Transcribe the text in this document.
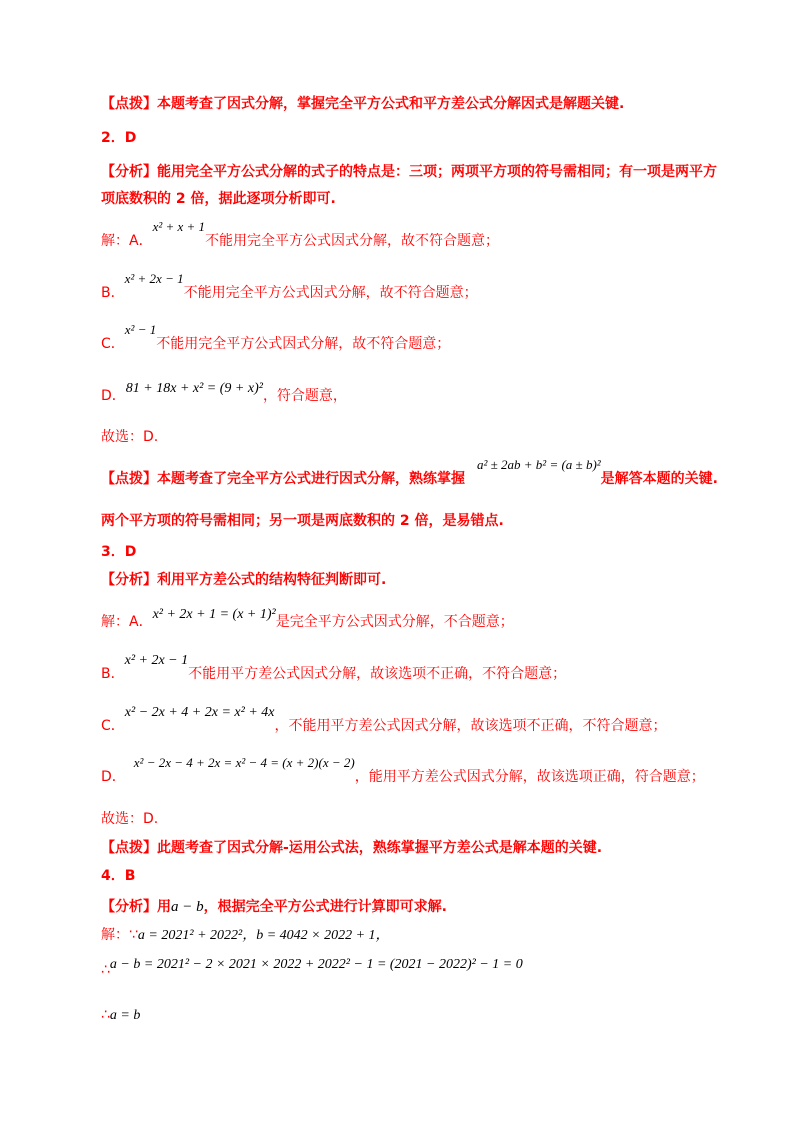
【点拨】本题考查了因式分解，掌握完全平方公式和平方差公式分解因式是解题关键.
2．D
【分析】能用完全平方公式分解的式子的特点是：三项；两项平方项的符号需相同；有一项是两平方
项底数积的 2 倍，据此逐项分析即可.
解：A．x² + x + 1不能用完全平方公式因式分解，故不符合题意；
B．x² + 2x − 1不能用完全平方公式因式分解，故不符合题意；
C．x² − 1不能用完全平方公式因式分解，故不符合题意；
D．81 + 18x + x² = (9 + x)²，符合题意，
故选：D.
【点拨】本题考查了完全平方公式进行因式分解，熟练掌握a² ± 2ab + b² = (a ± b)²是解答本题的关键.
两个平方项的符号需相同；另一项是两底数积的 2 倍，是易错点.
3．D
【分析】利用平方差公式的结构特征判断即可.
解：A．x² + 2x + 1 = (x + 1)²是完全平方公式因式分解，不合题意；
B．x² + 2x − 1不能用平方差公式因式分解，故该选项不正确，不符合题意；
C．x² − 2x + 4 + 2x = x² + 4x，不能用平方差公式因式分解，故该选项不正确，不符合题意；
D．x² − 2x − 4 + 2x = x² − 4 = (x + 2)(x − 2)，能用平方差公式因式分解，故该选项正确，符合题意；
故选：D.
【点拨】此题考查了因式分解-运用公式法，熟练掌握平方差公式是解本题的关键.
4．B
【分析】用a − b，根据完全平方公式进行计算即可求解.
解：∵a = 2021² + 2022²，b = 4042 × 2022 + 1，
∴a − b = 2021² − 2 × 2021 × 2022 + 2022² − 1 = (2021 − 2022)² − 1 = 0
∴a = b
